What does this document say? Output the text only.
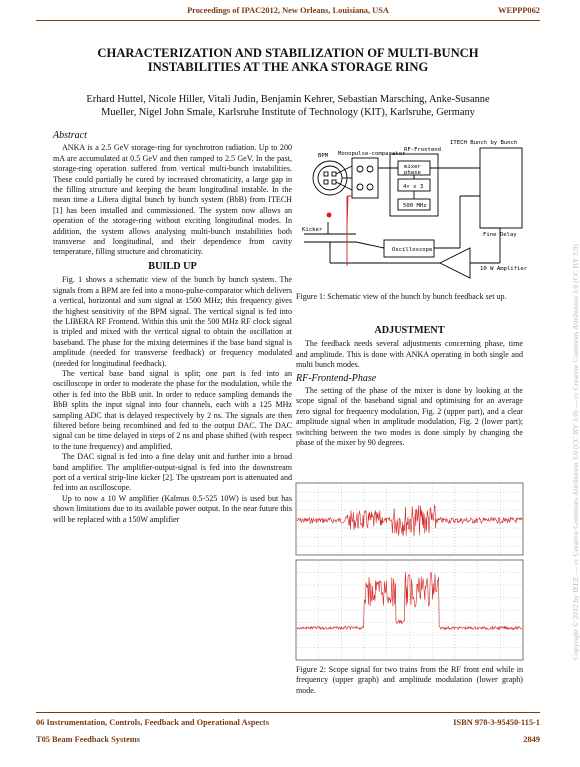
Proceedings of IPAC2012, New Orleans, Louisiana, USA	WEPPP062
CHARACTERIZATION AND STABILIZATION OF MULTI-BUNCH
INSTABILITIES AT THE ANKA STORAGE RING
Erhard Huttel, Nicole Hiller, Vitali Judin, Benjamin Kehrer, Sebastian Marsching, Anke-Susanne
Mueller, Nigel John Smale, Karlsruhe Institute of Technology (KIT), Karlsruhe, Germany
Abstract

ANKA is a 2.5 GeV storage-ring for synchrotron radiation. Up to 200 mA are accumulated at 0.5 GeV and then ramped to 2.5 GeV. In the past, storage-ring operation suffered from vertical multi-bunch instabilities. These could partially be cured by increased chromaticity, a large gap in the filling structure and keeping the beam longitudinal instable. In the mean time a Libera digital bunch by bunch system (BbB) from ITECH [1] has been installed and commissioned. The system now allows an operation of the storage-ring without exciting longitudinal modes. In addition, the system allows analysing multi-bunch instabilities both transverse and longitudinal, and their dependence from cavity temperature, filling structure and chromaticity.

BUILD UP

Fig. 1 shows a schematic view of the bunch by bunch system. The signals from a BPM are fed into a mono-pulse-comparator which delivers a vertical, horizontal and sum signal at 1500 MHz; this frequency gives the highest sensitivity of the BPM signal. The vertical signal is fed into the LIBERA RF Frontend. Within this unit the 500 MHz RF clock signal is tripled and mixed with the vertical signal to obtain the oscillation at baseband. The phase for the mixing determines if the base band signal is amplitude (needed for transverse feedback) or frequency modulated (needed for longitudinal feedback).

The vertical base band signal is split; one part is fed into an oscilloscope in order to moderate the phase for the modulation, while the other is fed into the BbB unit. In order to reduce sampling demands the BbB splits the input signal into four channels, each with a 125 MHz sampling ADC that is delayed respectively by 2 ns. The signals are then filtered before being recombined and fed to the output DAC. The DAC signal can be time delayed in steps of 2 ns and phase shifted (with respect to the tune frequency) and amplified.

The DAC signal is fed into a fine delay unit and further into a broad band amplifier. The amplifier-output-signal is fed into the downstream port of a vertical strip-line kicker [2]. The upstream port is attenuated and fed into an oscilloscope.

Up to now a 10 W amplifier (Kalmus 0.5-525 10W) is used but has shown limitations due to its available power output. In the near future this will be replaced with a 150W amplifier

ITECH Bunch by Bunch
RF-Frontend
Monopulse-comparator
BPM
mixer
phase
4× x 3
500 MHz
Kicker
Oscilloscope
Fine Delay
10 W Amplifier
Figure 1: Schematic view of the bunch by bunch feedback set up.
ADJUSTMENT

The feedback needs several adjustments concerning phase, time and amplitude. This is done with ANKA operating in both single and multi bunch modes.

RF-Frontend-Phase

The setting of the phase of the mixer is done by looking at the scope signal of the baseband signal and optimising for an average zero signal for frequency modulation, Fig. 2 (upper part), and a clear amplitude signal when in amplitude modulation, Fig. 2 (lower part); switching between the two modes is done simply by changing the phase of the mixer by 90 degrees.

Figure 2: Scope signal for two trains from the RF front end while in frequency (upper graph) and amplitude modulation (lower graph) mode.
06 Instrumentation, Controls, Feedback and Operational Aspects	ISBN 978-3-95450-115-1
T05 Beam Feedback Systems	2849
Copyright © 2012 by IEEE — cc Creative Commons Attribution 3.0 (CC BY 3.0) — cc Creative Commons Attribution 3.0 (CC BY 3.0)
